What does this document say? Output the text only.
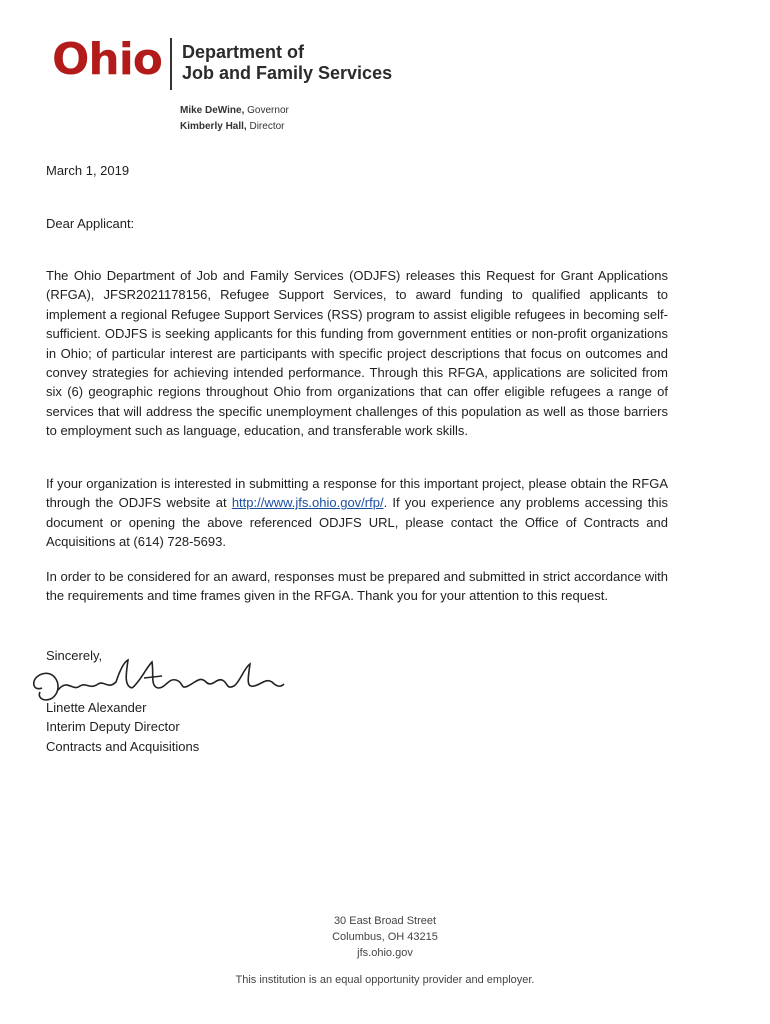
Ohio Department of
Job and Family Services
Mike DeWine, Governor
Kimberly Hall, Director
March 1, 2019
Dear Applicant:
The Ohio Department of Job and Family Services (ODJFS) releases this Request for Grant Applications (RFGA), JFSR2021178156, Refugee Support Services, to award funding to qualified applicants to implement a regional Refugee Support Services (RSS) program to assist eligible refugees in becoming self-sufficient. ODJFS is seeking applicants for this funding from government entities or non-profit organizations in Ohio; of particular interest are participants with specific project descriptions that focus on outcomes and convey strategies for achieving intended performance. Through this RFGA, applications are solicited from six (6) geographic regions throughout Ohio from organizations that can offer eligible refugees a range of services that will address the specific unemployment challenges of this population as well as those barriers to employment such as language, education, and transferable work skills.
If your organization is interested in submitting a response for this important project, please obtain the RFGA through the ODJFS website at http://www.jfs.ohio.gov/rfp/. If you experience any problems accessing this document or opening the above referenced ODJFS URL, please contact the Office of Contracts and Acquisitions at (614) 728-5693.
In order to be considered for an award, responses must be prepared and submitted in strict accordance with the requirements and time frames given in the RFGA. Thank you for your attention to this request.
Sincerely,
Linette Alexander
Interim Deputy Director
Contracts and Acquisitions
30 East Broad Street
Columbus, OH 43215
jfs.ohio.gov
This institution is an equal opportunity provider and employer.
